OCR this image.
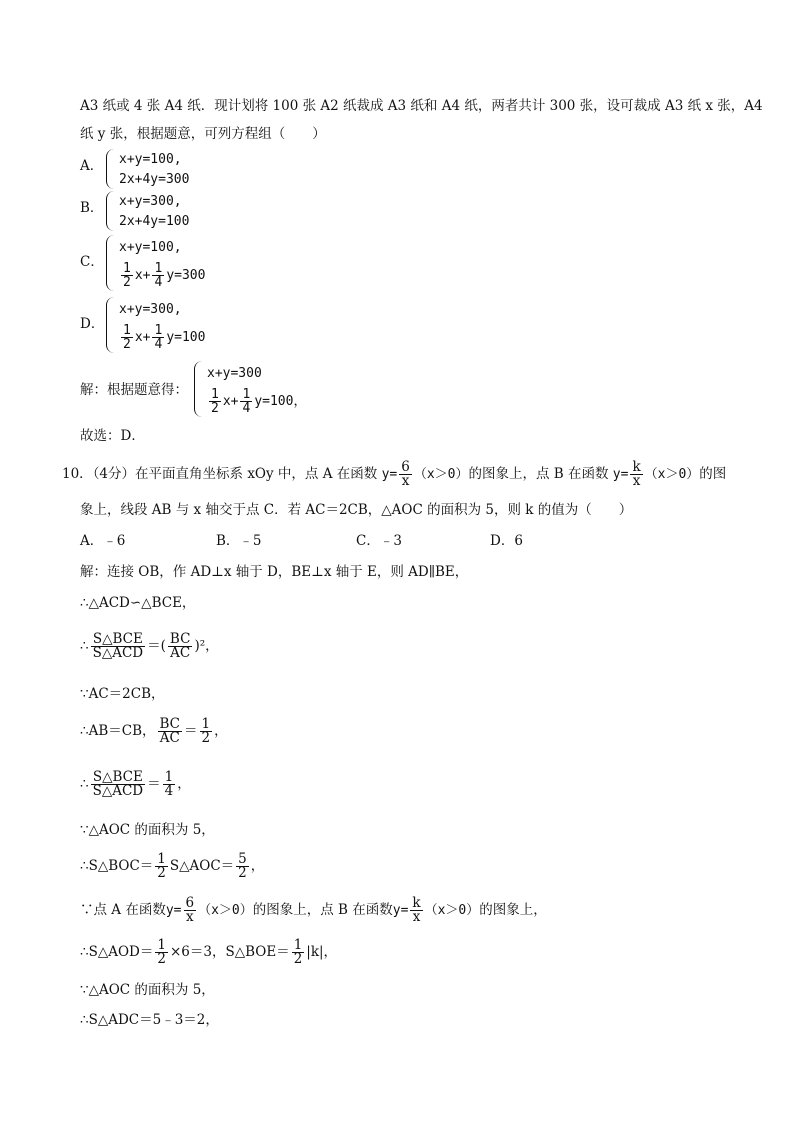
A3 纸或 4 张 A4 纸．现计划将 100 张 A2 纸裁成 A3 纸和 A4 纸，两者共计 300 张，设可裁成 A3 纸 x 张，A4
纸 y 张，根据题意，可列方程组（　　）
A． x+y=100,
2x+4y=300
B． x+y=300,
2x+4y=100
C．
x+y=100,
$\frac{1}{2} x+ \frac{1}{4} y=300$
D．
x+y=300,
$\frac{1}{2} x+ \frac{1}{4} y=100$
解：根据题意得：
x+y=300
$\frac{1}{2} x+ \frac{1}{4} y=100$ ，
故选：D．
10．（4分）在平面直角坐标系 xOy 中，点 A 在函数 $y= \frac{6}{x} (x>0)$的图象上，点 B 在函数 $y= \frac{k}{x} (x>0)$的图
象上，线段 AB 与 x 轴交于点 C．若 AC＝2CB，△AOC 的面积为 5，则 k 的值为（　　）
A．﹣6	B．﹣5	C．﹣3	D．6
解：连接 OB，作 AD⊥x 轴于 D，BE⊥x 轴于 E，则 AD∥BE，
∴△ACD∽△BCE，
∴ $\frac{\text{S△BCE}}{\text{S△ACD}}$ ＝( $\frac{BC}{AC} )^2$，
∵AC＝2CB，
∴AB＝CB， $\frac{BC}{AC} = \frac{1}{2}$ ，
∴ $\frac{\text{S△BCE}}{\text{S△ACD}} = \frac{1}{4}$ ，
∵△AOC 的面积为 5，
∴S△BOC＝ $\frac{1}{2}$ S△AOC＝ $\frac{5}{2}$ ，
∵点 A 在函数$y= \frac{6}{x} (x>0)$的图象上，点 B 在函数$y= \frac{k}{x} (x>0)$的图象上，
∴S△AOD＝ $\frac{1}{2} \times 6=3$，S△BOE＝ $\frac{1}{2} |k|$，
∵△AOC 的面积为 5，
∴S△ADC＝5﹣3＝2，
